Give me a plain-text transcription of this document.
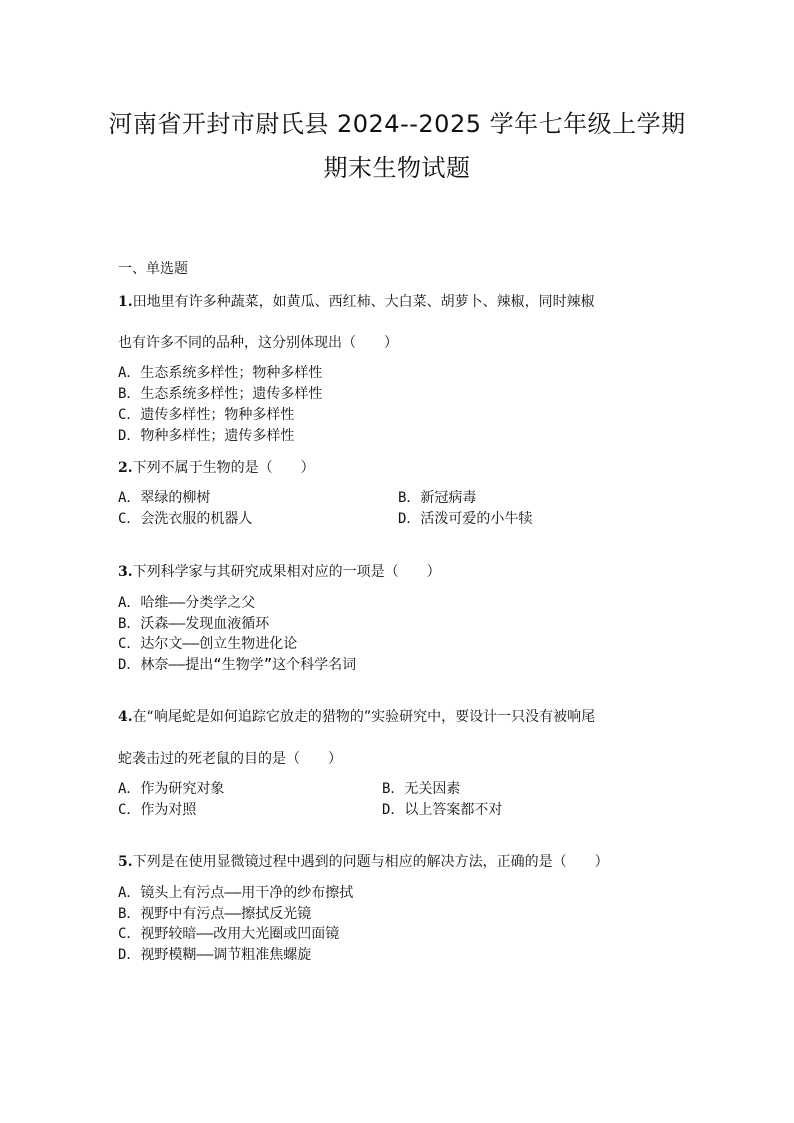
河南省开封市尉氏县 2024--2025 学年七年级上学期
期末生物试题
一、单选题
1.田地里有许多种蔬菜，如黄瓜、西红柿、大白菜、胡萝卜、辣椒，同时辣椒
也有许多不同的品种，这分别体现出（　　）
A．生态系统多样性；物种多样性
B．生态系统多样性；遗传多样性
C．遗传多样性；物种多样性
D．物种多样性；遗传多样性
2.下列不属于生物的是（　　）
A．翠绿的柳树	B．新冠病毒
C．会洗衣服的机器人	D．活泼可爱的小牛犊
3.下列科学家与其研究成果相对应的一项是（　　）
A．哈维——分类学之父
B．沃森——发现血液循环
C．达尔文——创立生物进化论
D．林奈——提出“生物学”这个科学名词
4.在“响尾蛇是如何追踪它放走的猎物的”实验研究中，要设计一只没有被响尾
蛇袭击过的死老鼠的目的是（　　）
A．作为研究对象	B．无关因素
C．作为对照	D．以上答案都不对
5.下列是在使用显微镜过程中遇到的问题与相应的解决方法，正确的是（　　）
A．镜头上有污点——用干净的纱布擦拭
B．视野中有污点——擦拭反光镜
C．视野较暗——改用大光圈或凹面镜
D．视野模糊——调节粗准焦螺旋
